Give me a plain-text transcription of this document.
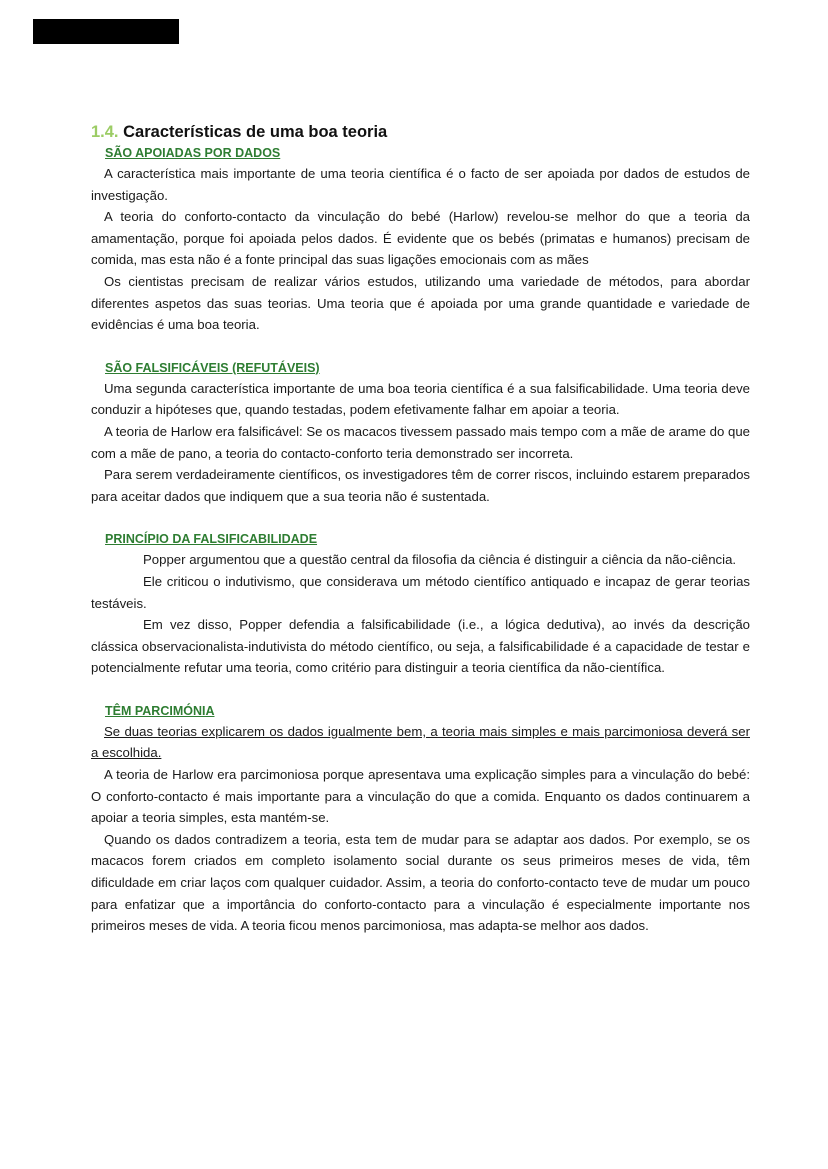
1.4. Características de uma boa teoria
SÃO APOIADAS POR DADOS

A característica mais importante de uma teoria científica é o facto de ser apoiada por dados de estudos de investigação.

A teoria do conforto-contacto da vinculação do bebé (Harlow) revelou-se melhor do que a teoria da amamentação, porque foi apoiada pelos dados. É evidente que os bebés (primatas e humanos) precisam de comida, mas esta não é a fonte principal das suas ligações emocionais com as mães

Os cientistas precisam de realizar vários estudos, utilizando uma variedade de métodos, para abordar diferentes aspetos das suas teorias. Uma teoria que é apoiada por uma grande quantidade e variedade de evidências é uma boa teoria.

SÃO FALSIFICÁVEIS (REFUTÁVEIS)

Uma segunda característica importante de uma boa teoria científica é a sua falsificabilidade. Uma teoria deve conduzir a hipóteses que, quando testadas, podem efetivamente falhar em apoiar a teoria.

A teoria de Harlow era falsificável: Se os macacos tivessem passado mais tempo com a mãe de arame do que com a mãe de pano, a teoria do contacto-conforto teria demonstrado ser incorreta.

Para serem verdadeiramente científicos, os investigadores têm de correr riscos, incluindo estarem preparados para aceitar dados que indiquem que a sua teoria não é sustentada.

PRINCÍPIO DA FALSIFICABILIDADE

Popper argumentou que a questão central da filosofia da ciência é distinguir a ciência da não-ciência.

Ele criticou o indutivismo, que considerava um método científico antiquado e incapaz de gerar teorias testáveis.

Em vez disso, Popper defendia a falsificabilidade (i.e., a lógica dedutiva), ao invés da descrição clássica observacionalista-indutivista do método científico, ou seja, a falsificabilidade é a capacidade de testar e potencialmente refutar uma teoria, como critério para distinguir a teoria científica da não-científica.

TÊM PARCIMÓNIA

Se duas teorias explicarem os dados igualmente bem, a teoria mais simples e mais parcimoniosa deverá ser a escolhida.

A teoria de Harlow era parcimoniosa porque apresentava uma explicação simples para a vinculação do bebé: O conforto-contacto é mais importante para a vinculação do que a comida. Enquanto os dados continuarem a apoiar a teoria simples, esta mantém-se.

Quando os dados contradizem a teoria, esta tem de mudar para se adaptar aos dados. Por exemplo, se os macacos forem criados em completo isolamento social durante os seus primeiros meses de vida, têm dificuldade em criar laços com qualquer cuidador. Assim, a teoria do conforto-contacto teve de mudar um pouco para enfatizar que a importância do conforto-contacto para a vinculação é especialmente importante nos primeiros meses de vida. A teoria ficou menos parcimoniosa, mas adapta-se melhor aos dados.
